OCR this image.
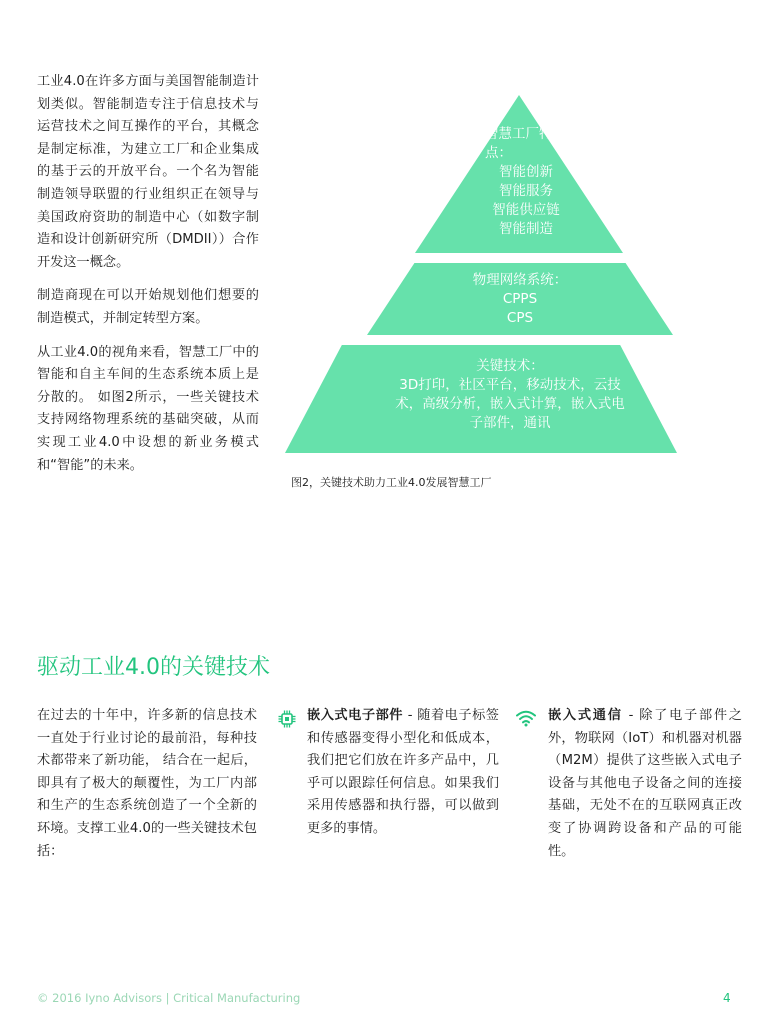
工业4.0在许多方面与美国智能制造计划类似。智能制造专注于信息技术与运营技术之间互操作的平台，其概念是制定标准，为建立工厂和企业集成的基于云的开放平台。一个名为智能制造领导联盟的行业组织正在领导与美国政府资助的制造中心（如数字制造和设计创新研究所（DMDII））合作开发这一概念。

制造商现在可以开始规划他们想要的制造模式，并制定转型方案。

从工业4.0的视角来看，智慧工厂中的智能和自主车间的生态系统本质上是分散的。 如图2所示，一些关键技术支持网络物理系统的基础突破，从而实现工业4.0中设想的新业务模式和“智能”的未来。

智慧工厂特点：
智能创新
智能服务
智能供应链
智能制造
物理网络系统：
CPPS
CPS
关键技术：
3D打印，社区平台，移动技术，云技术，高级分析，嵌入式计算，嵌入式电子部件，通讯
图2，关键技术助力工业4.0发展智慧工厂
驱动工业4.0的关键技术
在过去的十年中，许多新的信息技术一直处于行业讨论的最前沿，每种技术都带来了新功能， 结合在一起后，即具有了极大的颠覆性，为工厂内部和生产的生态系统创造了一个全新的环境。支撑工业4.0的一些关键技术包括：
嵌入式电子部件 - 随着电子标签和传感器变得小型化和低成本，我们把它们放在许多产品中，几乎可以跟踪任何信息。如果我们采用传感器和执行器，可以做到更多的事情。
嵌入式通信 - 除了电子部件之外，物联网（IoT）和机器对机器（M2M）提供了这些嵌入式电子设备与其他电子设备之间的连接基础，无处不在的互联网真正改变了协调跨设备和产品的可能性。
© 2016 Iyno Advisors | Critical Manufacturing	4
